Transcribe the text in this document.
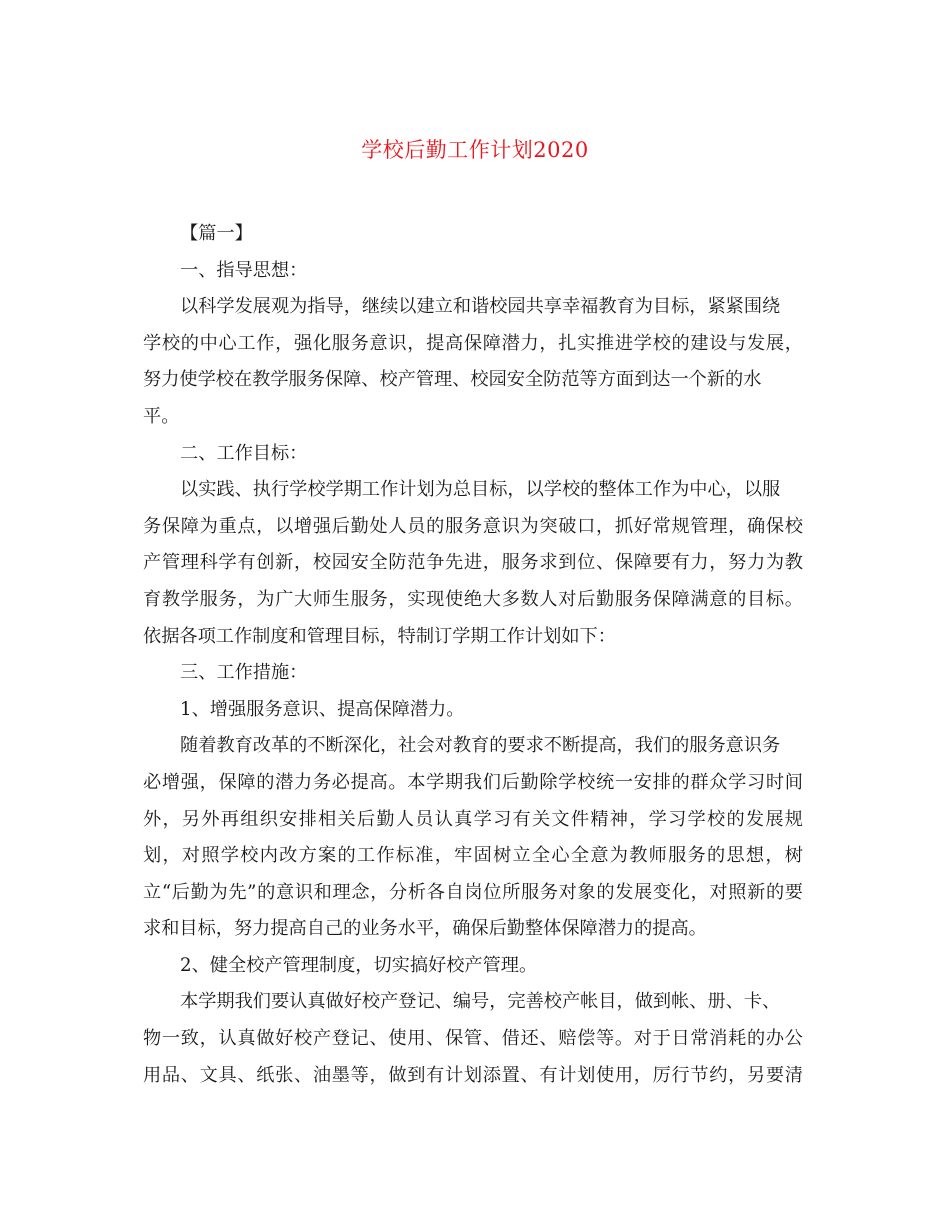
学校后勤工作计划2020
【篇一】
一、指导思想：
以科学发展观为指导，继续以建立和谐校园共享幸福教育为目标，紧紧围绕
学校的中心工作，强化服务意识，提高保障潜力，扎实推进学校的建设与发展，
努力使学校在教学服务保障、校产管理、校园安全防范等方面到达一个新的水
平。
二、工作目标：
以实践、执行学校学期工作计划为总目标，以学校的整体工作为中心，以服
务保障为重点，以增强后勤处人员的服务意识为突破口，抓好常规管理，确保校
产管理科学有创新，校园安全防范争先进，服务求到位、保障要有力，努力为教
育教学服务，为广大师生服务，实现使绝大多数人对后勤服务保障满意的目标。
依据各项工作制度和管理目标，特制订学期工作计划如下：
三、工作措施：
1、增强服务意识、提高保障潜力。
随着教育改革的不断深化，社会对教育的要求不断提高，我们的服务意识务
必增强，保障的潜力务必提高。本学期我们后勤除学校统一安排的群众学习时间
外，另外再组织安排相关后勤人员认真学习有关文件精神，学习学校的发展规
划，对照学校内改方案的工作标准，牢固树立全心全意为教师服务的思想，树
立“后勤为先”的意识和理念，分析各自岗位所服务对象的发展变化，对照新的要
求和目标，努力提高自己的业务水平，确保后勤整体保障潜力的提高。
2、健全校产管理制度，切实搞好校产管理。
本学期我们要认真做好校产登记、编号，完善校产帐目，做到帐、册、卡、
物一致，认真做好校产登记、使用、保管、借还、赔偿等。对于日常消耗的办公
用品、文具、纸张、油墨等，做到有计划添置、有计划使用，厉行节约，另要清
